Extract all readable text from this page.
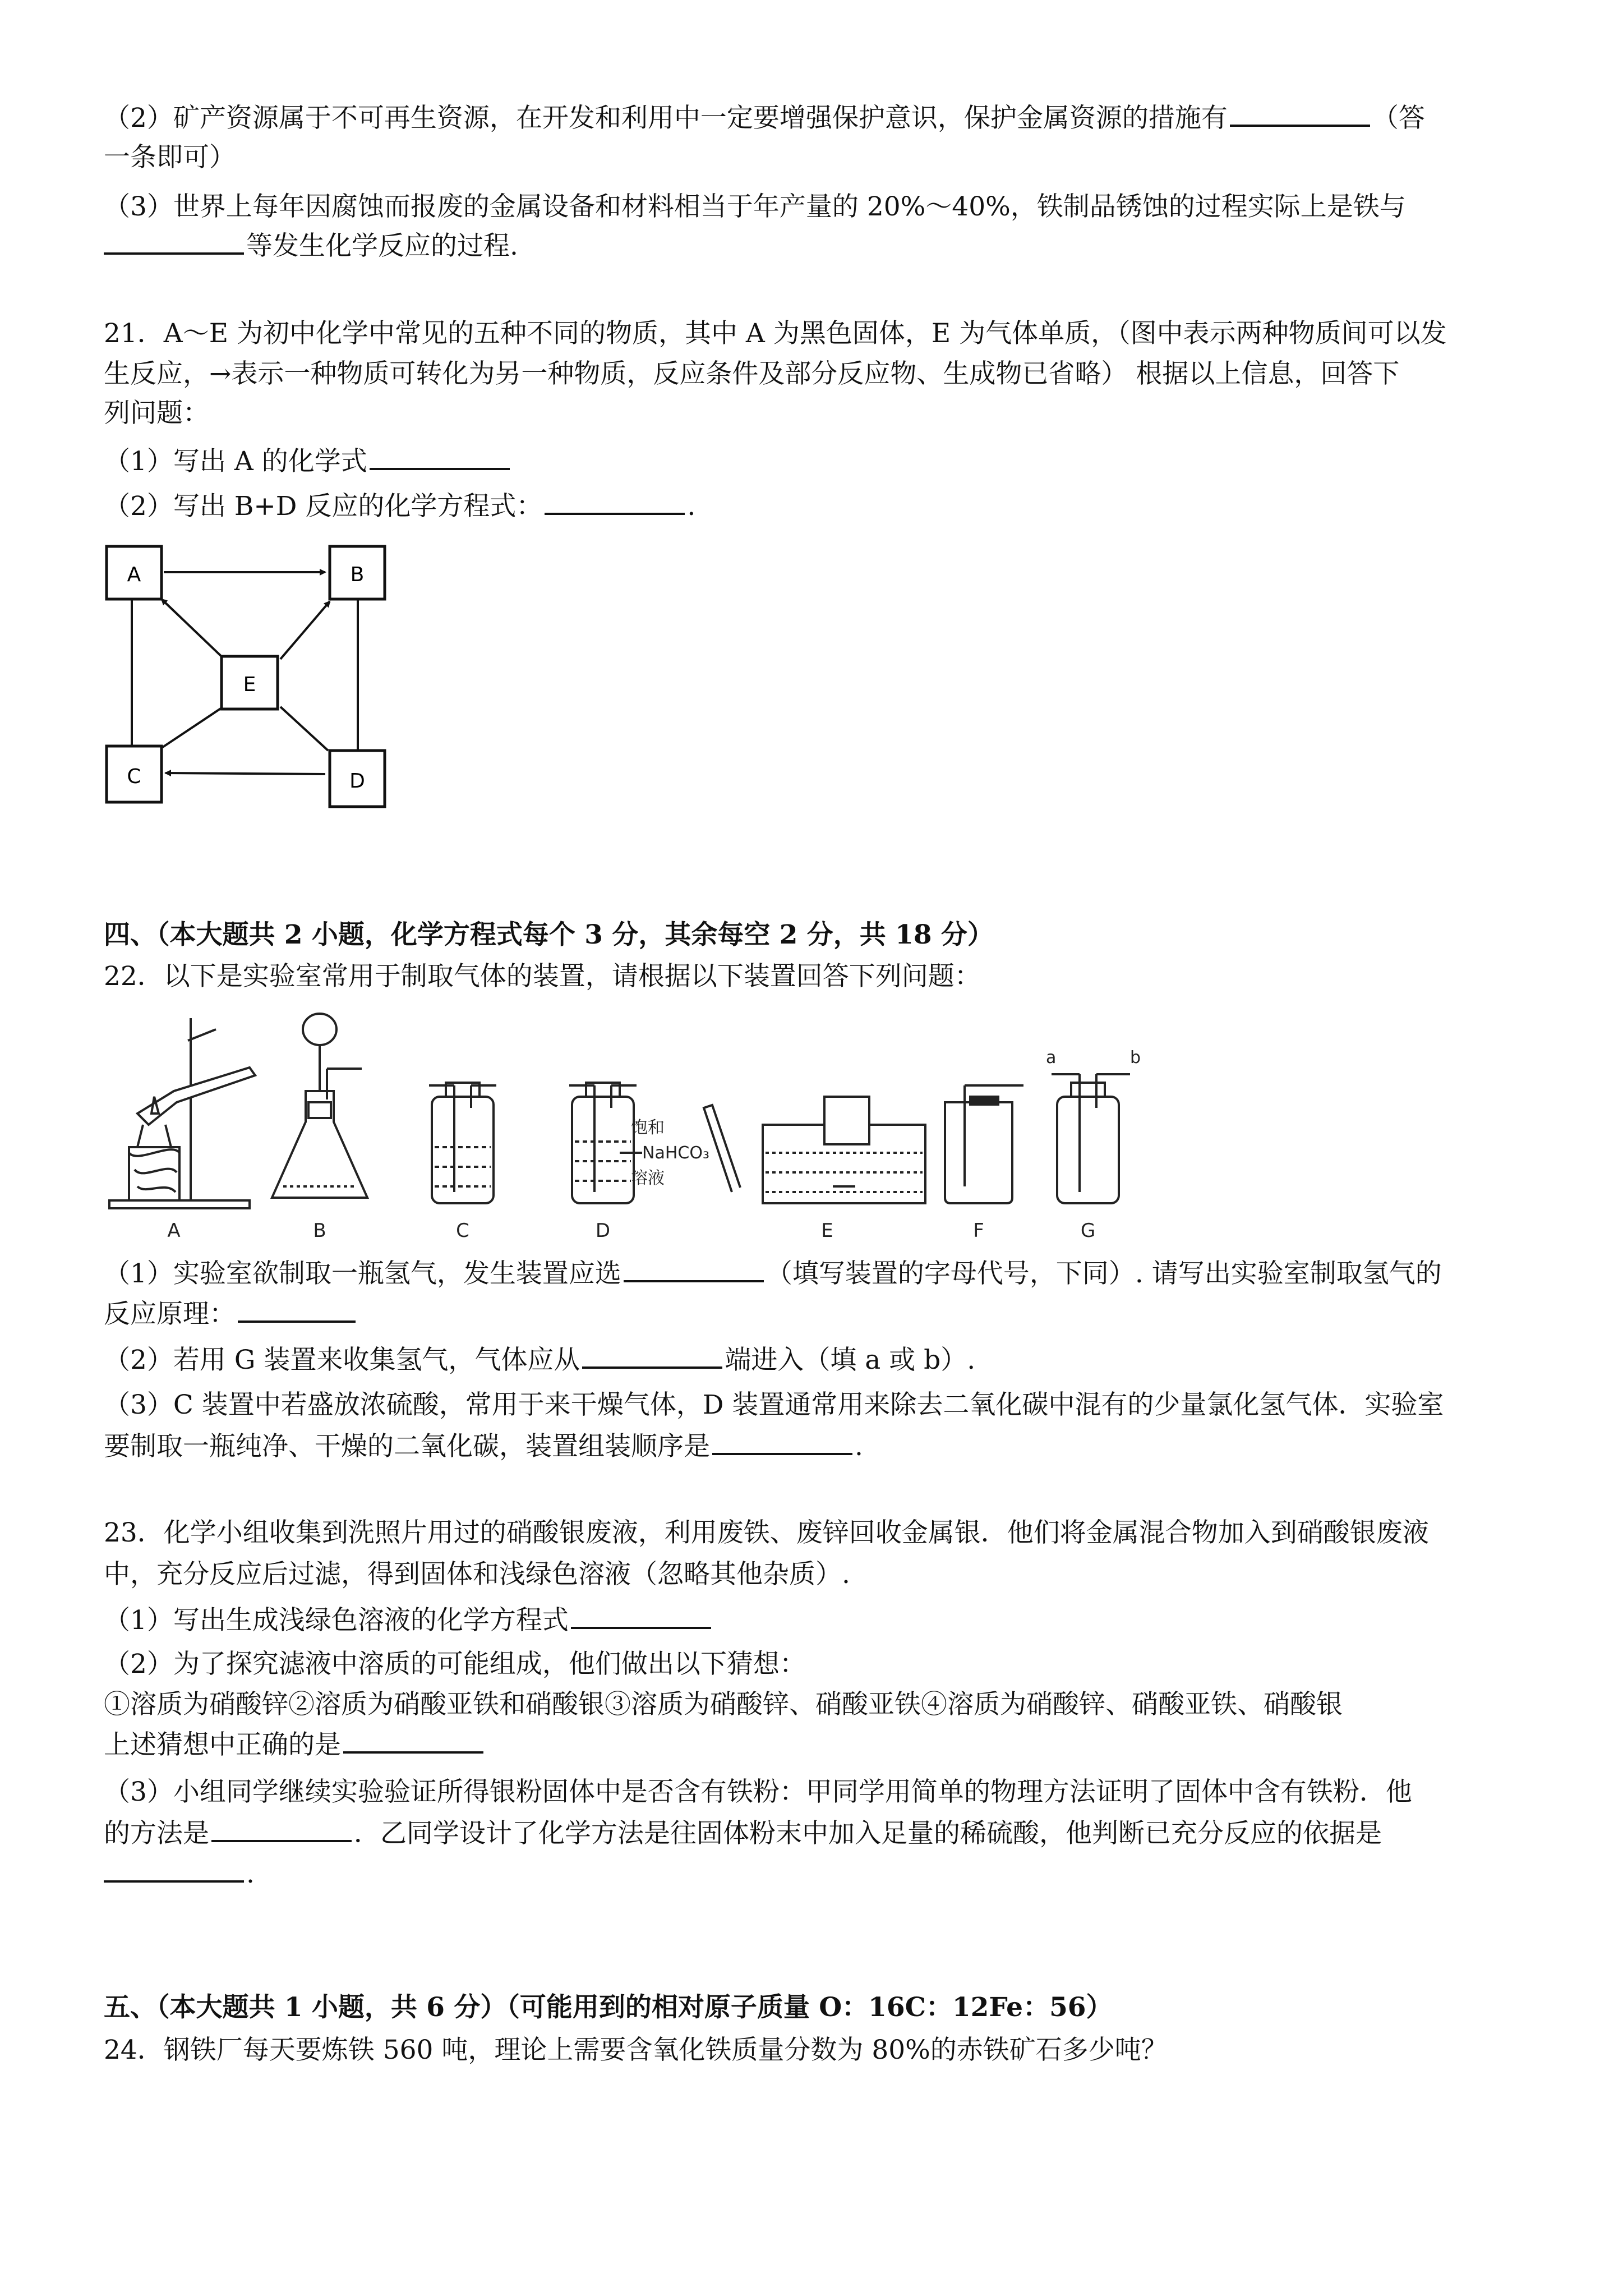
（2）矿产资源属于不可再生资源，在开发和利用中一定要增强保护意识，保护金属资源的措施有	（答
一条即可）
（3）世界上每年因腐蚀而报废的金属设备和材料相当于年产量的 20%～40%，铁制品锈蚀的过程实际上是铁与
等发生化学反应的过程.
21．A～E 为初中化学中常见的五种不同的物质，其中 A 为黑色固体，E 为气体单质，（图中表示两种物质间可以发
生反应，→表示一种物质可转化为另一种物质，反应条件及部分反应物、生成物已省略） 根据以上信息，回答下
列问题：
（1）写出 A 的化学式
（2）写出 B+D 反应的化学方程式：	.
A	B
E
C	D
四、（本大题共 2 小题，化学方程式每个 3 分，其余每空 2 分，共 18 分）
22．以下是实验室常用于制取气体的装置，请根据以下装置回答下列问题：
饱和
NaHCO₃
溶液
a	b
A	B	C	D	E	F	G
（1）实验室欲制取一瓶氢气，发生装置应选	（填写装置的字母代号，下同）. 请写出实验室制取氢气的
反应原理：
（2）若用 G 装置来收集氢气，气体应从	端进入（填 a 或 b）.
（3）C 装置中若盛放浓硫酸，常用于来干燥气体，D 装置通常用来除去二氧化碳中混有的少量氯化氢气体．实验室
要制取一瓶纯净、干燥的二氧化碳，装置组装顺序是	.
23．化学小组收集到洗照片用过的硝酸银废液，利用废铁、废锌回收金属银．他们将金属混合物加入到硝酸银废液
中，充分反应后过滤，得到固体和浅绿色溶液（忽略其他杂质）.
（1）写出生成浅绿色溶液的化学方程式
（2）为了探究滤液中溶质的可能组成，他们做出以下猜想：
①溶质为硝酸锌②溶质为硝酸亚铁和硝酸银③溶质为硝酸锌、硝酸亚铁④溶质为硝酸锌、硝酸亚铁、硝酸银
上述猜想中正确的是
（3）小组同学继续实验验证所得银粉固体中是否含有铁粉：甲同学用简单的物理方法证明了固体中含有铁粉．他
的方法是	．乙同学设计了化学方法是往固体粉末中加入足量的稀硫酸，他判断已充分反应的依据是
.
五、（本大题共 1 小题，共 6 分）（可能用到的相对原子质量 O：16C：12Fe：56）
24．钢铁厂每天要炼铁 560 吨，理论上需要含氧化铁质量分数为 80%的赤铁矿石多少吨？
